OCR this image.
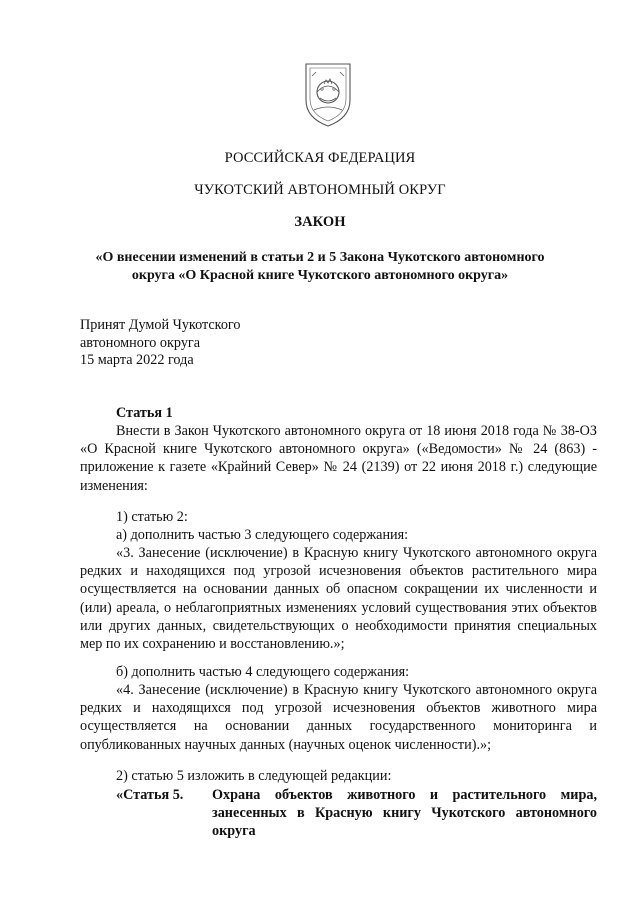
РОССИЙСКАЯ ФЕДЕРАЦИЯ
ЧУКОТСКИЙ АВТОНОМНЫЙ ОКРУГ
ЗАКОН
«О внесении изменений в статьи 2 и 5 Закона Чукотского автономного
округа «О Красной книге Чукотского автономного округа»
Принят Думой Чукотского
автономного округа
15 марта 2022 года
Статья 1

Внести в Закон Чукотского автономного округа от 18 июня 2018 года № 38-ОЗ «О Красной книге Чукотского автономного округа» («Ведомости» № 24 (863) - приложение к газете «Крайний Север» № 24 (2139) от 22 июня 2018 г.) следующие изменения:

1) статью 2:

а) дополнить частью 3 следующего содержания:

«3. Занесение (исключение) в Красную книгу Чукотского автономного округа редких и находящихся под угрозой исчезновения объектов растительного мира осуществляется на основании данных об опасном сокращении их численности и (или) ареала, о неблагоприятных изменениях условий существования этих объектов или других данных, свидетельствующих о необходимости принятия специальных мер по их сохранению и восстановлению.»;

б) дополнить частью 4 следующего содержания:

«4. Занесение (исключение) в Красную книгу Чукотского автономного округа редких и находящихся под угрозой исчезновения объектов животного мира осуществляется на основании данных государственного мониторинга и опубликованных научных данных (научных оценок численности).»;

2) статью 5 изложить в следующей редакции:

«Статья 5. Охрана объектов животного и растительного мира, занесенных в Красную книгу Чукотского автономного округа
